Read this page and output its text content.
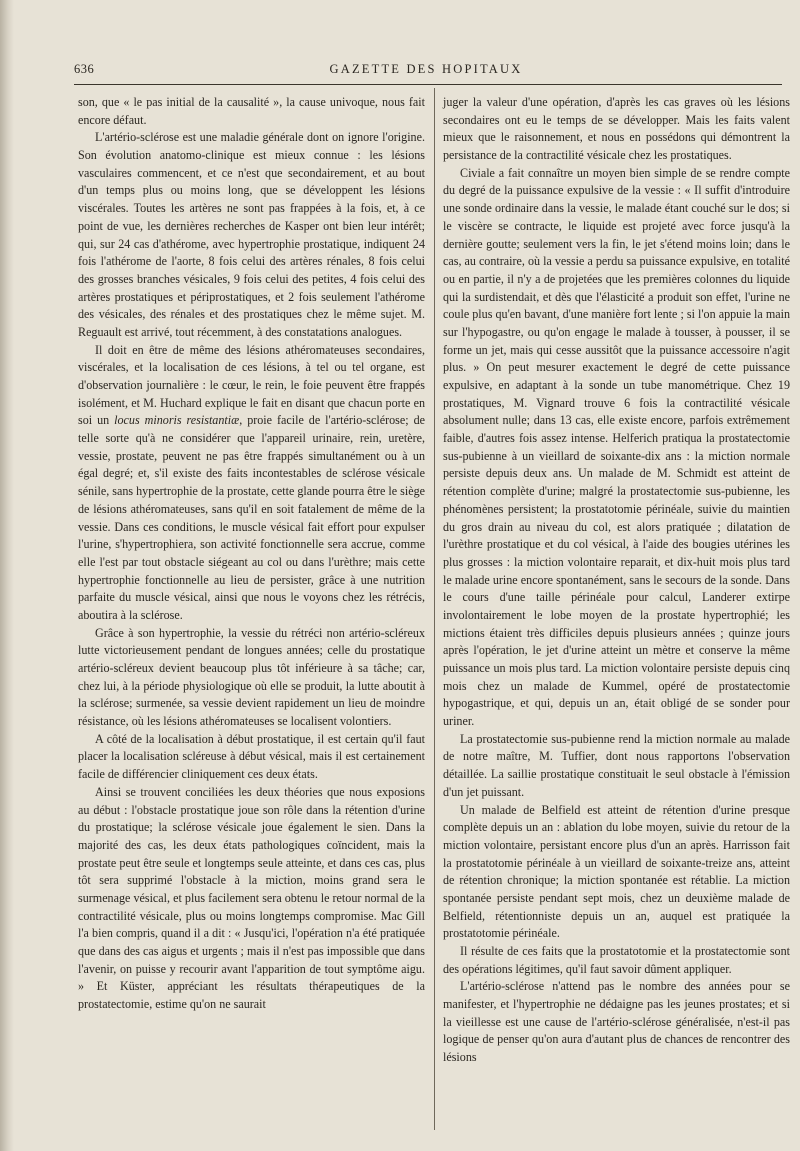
636	GAZETTE DES HOPITAUX

son, que « le pas initial de la causalité », la cause univoque, nous fait encore défaut.

L'artério-sclérose est une maladie générale dont on ignore l'origine. Son évolution anatomo-clinique est mieux connue : les lésions vasculaires commencent, et ce n'est que secondairement, et au bout d'un temps plus ou moins long, que se développent les lésions viscérales. Toutes les artères ne sont pas frappées à la fois, et, à ce point de vue, les dernières recherches de Kasper ont bien leur intérêt; qui, sur 24 cas d'athérome, avec hypertrophie prostatique, indiquent 24 fois l'athérome de l'aorte, 8 fois celui des artères rénales, 8 fois celui des grosses branches vésicales, 9 fois celui des petites, 4 fois celui des artères prostatiques et périprostatiques, et 2 fois seulement l'athérome des vésicales, des rénales et des prostatiques chez le même sujet. M. Reguault est arrivé, tout récemment, à des constatations analogues.

Il doit en être de même des lésions athéromateuses secondaires, viscérales, et la localisation de ces lésions, à tel ou tel organe, est d'observation journalière : le cœur, le rein, le foie peuvent être frappés isolément, et M. Huchard explique le fait en disant que chacun porte en soi un locus minoris resistantiæ, proie facile de l'artério-sclérose; de telle sorte qu'à ne considérer que l'appareil urinaire, rein, uretère, vessie, prostate, peuvent ne pas être frappés simultanément ou à un égal degré; et, s'il existe des faits incontestables de sclérose vésicale sénile, sans hypertrophie de la prostate, cette glande pourra être le siège de lésions athéromateuses, sans qu'il en soit fatalement de même de la vessie. Dans ces conditions, le muscle vésical fait effort pour expulser l'urine, s'hypertrophiera, son activité fonctionnelle sera accrue, comme elle l'est par tout obstacle siégeant au col ou dans l'urèthre; mais cette hypertrophie fonctionnelle au lieu de persister, grâce à une nutrition parfaite du muscle vésical, ainsi que nous le voyons chez les rétrécis, aboutira à la sclérose.

Grâce à son hypertrophie, la vessie du rétréci non artério-scléreux lutte victorieusement pendant de longues années; celle du prostatique artério-scléreux devient beaucoup plus tôt inférieure à sa tâche; car, chez lui, à la période physiologique où elle se produit, la lutte aboutit à la sclérose; surmenée, sa vessie devient rapidement un lieu de moindre résistance, où les lésions athéromateuses se localisent volontiers.

A côté de la localisation à début prostatique, il est certain qu'il faut placer la localisation scléreuse à début vésical, mais il est certainement facile de différencier cliniquement ces deux états.

Ainsi se trouvent conciliées les deux théories que nous exposions au début : l'obstacle prostatique joue son rôle dans la rétention d'urine du prostatique; la sclérose vésicale joue également le sien. Dans la majorité des cas, les deux états pathologiques coïncident, mais la prostate peut être seule et longtemps seule atteinte, et dans ces cas, plus tôt sera supprimé l'obstacle à la miction, moins grand sera le surmenage vésical, et plus facilement sera obtenu le retour normal de la contractilité vésicale, plus ou moins longtemps compromise. Mac Gill l'a bien compris, quand il a dit : « Jusqu'ici, l'opération n'a été pratiquée que dans des cas aigus et urgents ; mais il n'est pas impossible que dans l'avenir, on puisse y recourir avant l'apparition de tout symptôme aigu. » Et Küster, appréciant les résultats thérapeutiques de la prostatectomie, estime qu'on ne saurait

juger la valeur d'une opération, d'après les cas graves où les lésions secondaires ont eu le temps de se développer. Mais les faits valent mieux que le raisonnement, et nous en possédons qui démontrent la persistance de la contractilité vésicale chez les prostatiques.

Civiale a fait connaître un moyen bien simple de se rendre compte du degré de la puissance expulsive de la vessie : « Il suffit d'introduire une sonde ordinaire dans la vessie, le malade étant couché sur le dos; si le viscère se contracte, le liquide est projeté avec force jusqu'à la dernière goutte; seulement vers la fin, le jet s'étend moins loin; dans le cas, au contraire, où la vessie a perdu sa puissance expulsive, en totalité ou en partie, il n'y a de projetées que les premières colonnes du liquide qui la surdistendait, et dès que l'élasticité a produit son effet, l'urine ne coule plus qu'en bavant, d'une manière fort lente ; si l'on appuie la main sur l'hypogastre, ou qu'on engage le malade à tousser, à pousser, il se forme un jet, mais qui cesse aussitôt que la puissance accessoire n'agit plus. » On peut mesurer exactement le degré de cette puissance expulsive, en adaptant à la sonde un tube manométrique. Chez 19 prostatiques, M. Vignard trouve 6 fois la contractilité vésicale absolument nulle; dans 13 cas, elle existe encore, parfois extrêmement faible, d'autres fois assez intense. Helferich pratiqua la prostatectomie sus-pubienne à un vieillard de soixante-dix ans : la miction normale persiste depuis deux ans. Un malade de M. Schmidt est atteint de rétention complète d'urine; malgré la prostatectomie sus-pubienne, les phénomènes persistent; la prostatotomie périnéale, suivie du maintien du gros drain au niveau du col, est alors pratiquée ; dilatation de l'urèthre prostatique et du col vésical, à l'aide des bougies utérines les plus grosses : la miction volontaire reparait, et dix-huit mois plus tard le malade urine encore spontanément, sans le secours de la sonde. Dans le cours d'une taille périnéale pour calcul, Landerer extirpe involontairement le lobe moyen de la prostate hypertrophié; les mictions étaient très difficiles depuis plusieurs années ; quinze jours après l'opération, le jet d'urine atteint un mètre et conserve la même puissance un mois plus tard. La miction volontaire persiste depuis cinq mois chez un malade de Kummel, opéré de prostatectomie hypogastrique, et qui, depuis un an, était obligé de se sonder pour uriner.

La prostatectomie sus-pubienne rend la miction normale au malade de notre maître, M. Tuffier, dont nous rapportons l'observation détaillée. La saillie prostatique constituait le seul obstacle à l'émission d'un jet puissant.

Un malade de Belfield est atteint de rétention d'urine presque complète depuis un an : ablation du lobe moyen, suivie du retour de la miction volontaire, persistant encore plus d'un an après. Harrisson fait la prostatotomie périnéale à un vieillard de soixante-treize ans, atteint de rétention chronique; la miction spontanée est rétablie. La miction spontanée persiste pendant sept mois, chez un deuxième malade de Belfield, rétentionniste depuis un an, auquel est pratiquée la prostatotomie périnéale.

Il résulte de ces faits que la prostatotomie et la prostatectomie sont des opérations légitimes, qu'il faut savoir dûment appliquer.

L'artério-sclérose n'attend pas le nombre des années pour se manifester, et l'hypertrophie ne dédaigne pas les jeunes prostates; et si la vieillesse est une cause de l'artério-sclérose généralisée, n'est-il pas logique de penser qu'on aura d'autant plus de chances de rencontrer des lésions
